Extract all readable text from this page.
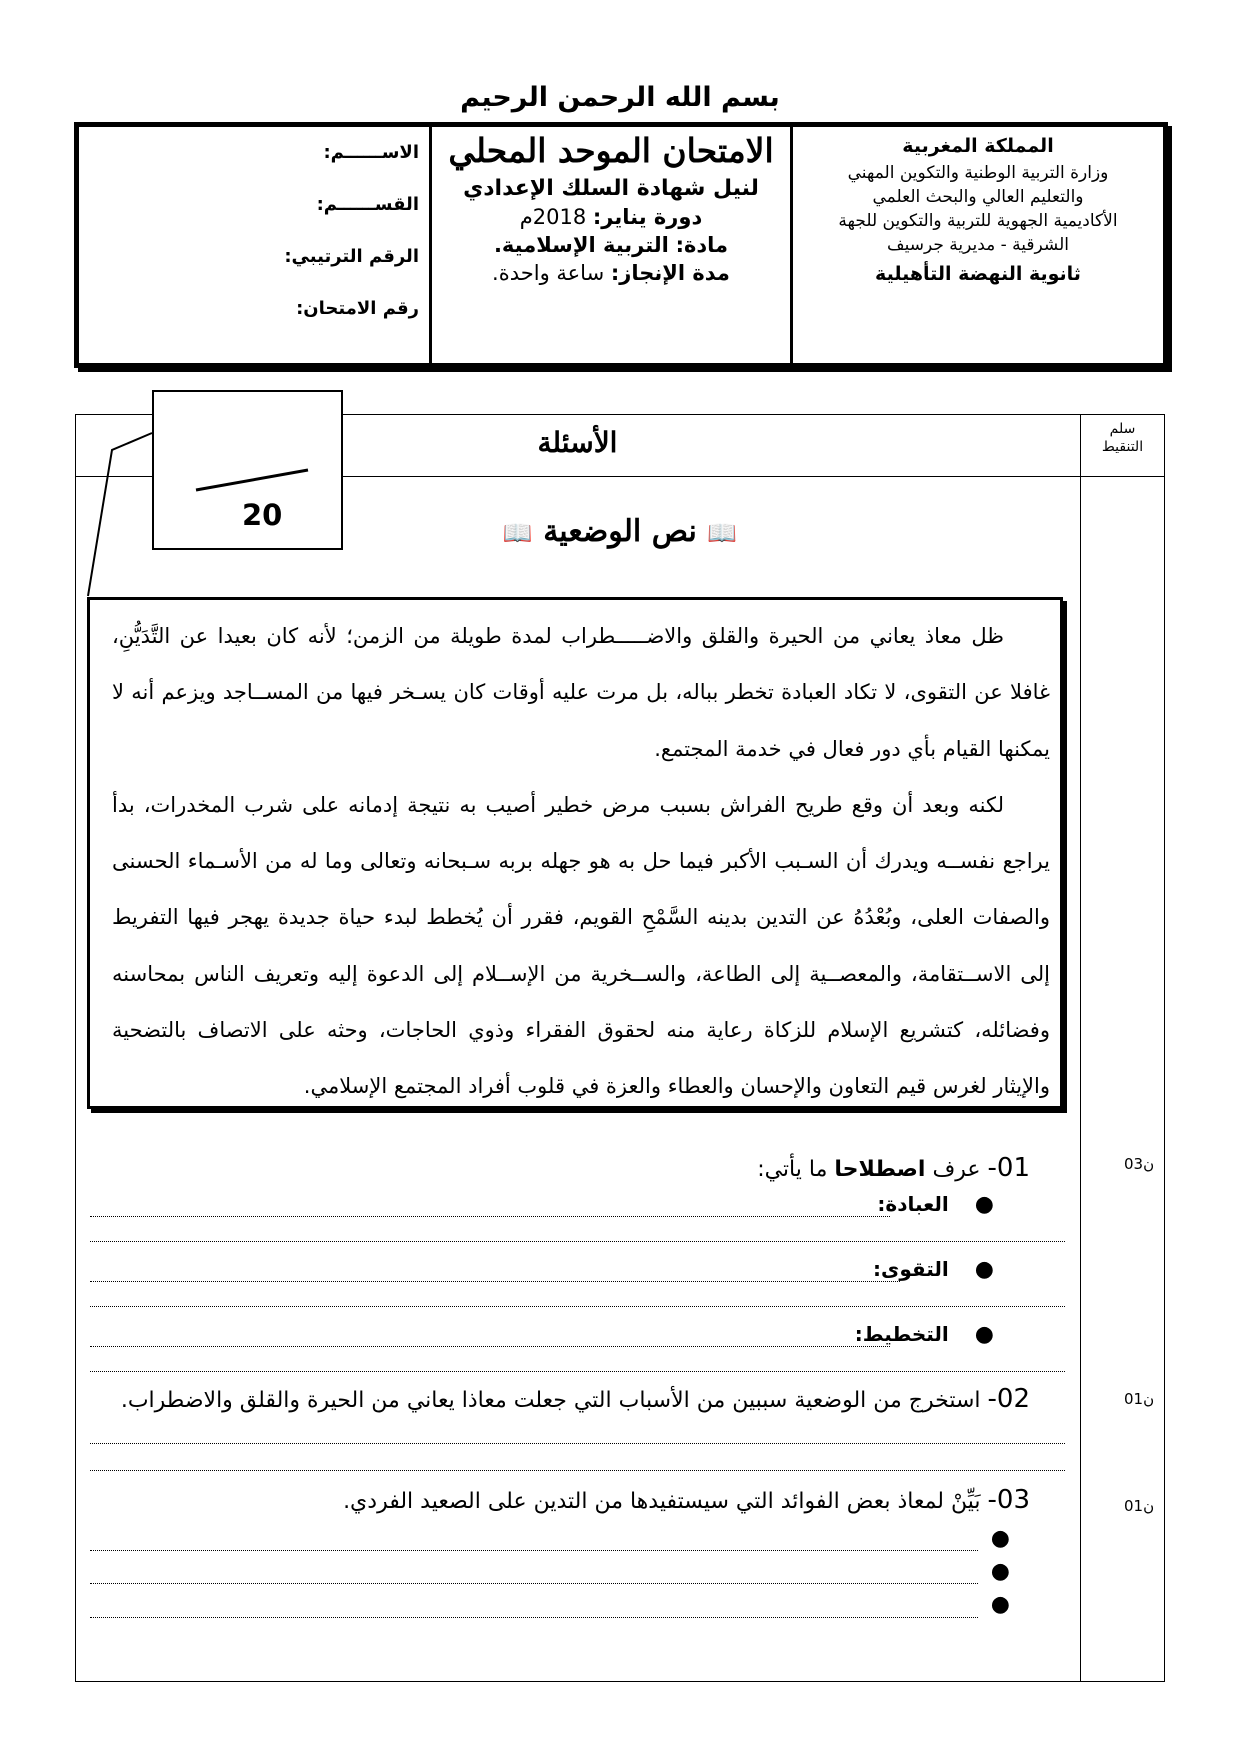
بسم الله الرحمن الرحيم
المملكة المغربية
وزارة التربية الوطنية والتكوين المهني
والتعليم العالي والبحث العلمي
الأكاديمية الجهوية للتربية والتكوين للجهة
الشرقية - مديرية جرسيف
ثانوية النهضة التأهيلية
الامتحان الموحد المحلي
لنيل شهادة السلك الإعدادي
دورة يناير: 2018م
مادة: التربية الإسلامية.
مدة الإنجاز: ساعة واحدة.
الاســــــم:
القســــــم:
الرقم الترتيبي:
رقم الامتحان:
الأسئلة	سلم
التنقيط
20
📖 نص الوضعية 📖

ظل معاذ يعاني من الحيرة والقلق والاضـــــطراب لمدة طويلة من الزمن؛ لأنه كان بعيدا عن التَّدَيُّنِ، غافلا عن التقوى، لا تكاد العبادة تخطر بباله، بل مرت عليه أوقات كان يسـخر فيها من المســاجد ويزعم أنه لا يمكنها القيام بأي دور فعال في خدمة المجتمع.

لكنه وبعد أن وقع طريح الفراش بسبب مرض خطير أصيب به نتيجة إدمانه على شرب المخدرات، بدأ يراجع نفســه ويدرك أن السـبب الأكبر فيما حل به هو جهله بربه سـبحانه وتعالى وما له من الأسـماء الحسنى والصفات العلى، وبُعْدُهُ عن التدين بدينه السَّمْحِ القويم، فقرر أن يُخطط لبدء حياة جديدة يهجر فيها التفريط إلى الاســتقامة، والمعصــية إلى الطاعة، والســخرية من الإســلام إلى الدعوة إليه وتعريف الناس بمحاسنه وفضائله، كتشريع الإسلام للزكاة رعاية منه لحقوق الفقراء وذوي الحاجات، وحثه على الاتصاف بالتضحية والإيثار لغرس قيم التعاون والإحسان والعطاء والعزة في قلوب أفراد المجتمع الإسلامي.

01- عرف اصطلاحا ما يأتي:	03ن
●العبادة:
●التقوى:
●التخطيط:
02- استخرج من الوضعية سببين من الأسباب التي جعلت معاذا يعاني من الحيرة والقلق والاضطراب.	01ن
03- بَيِّنْ لمعاذ بعض الفوائد التي سيستفيدها من التدين على الصعيد الفردي.	01ن
●
●
●
